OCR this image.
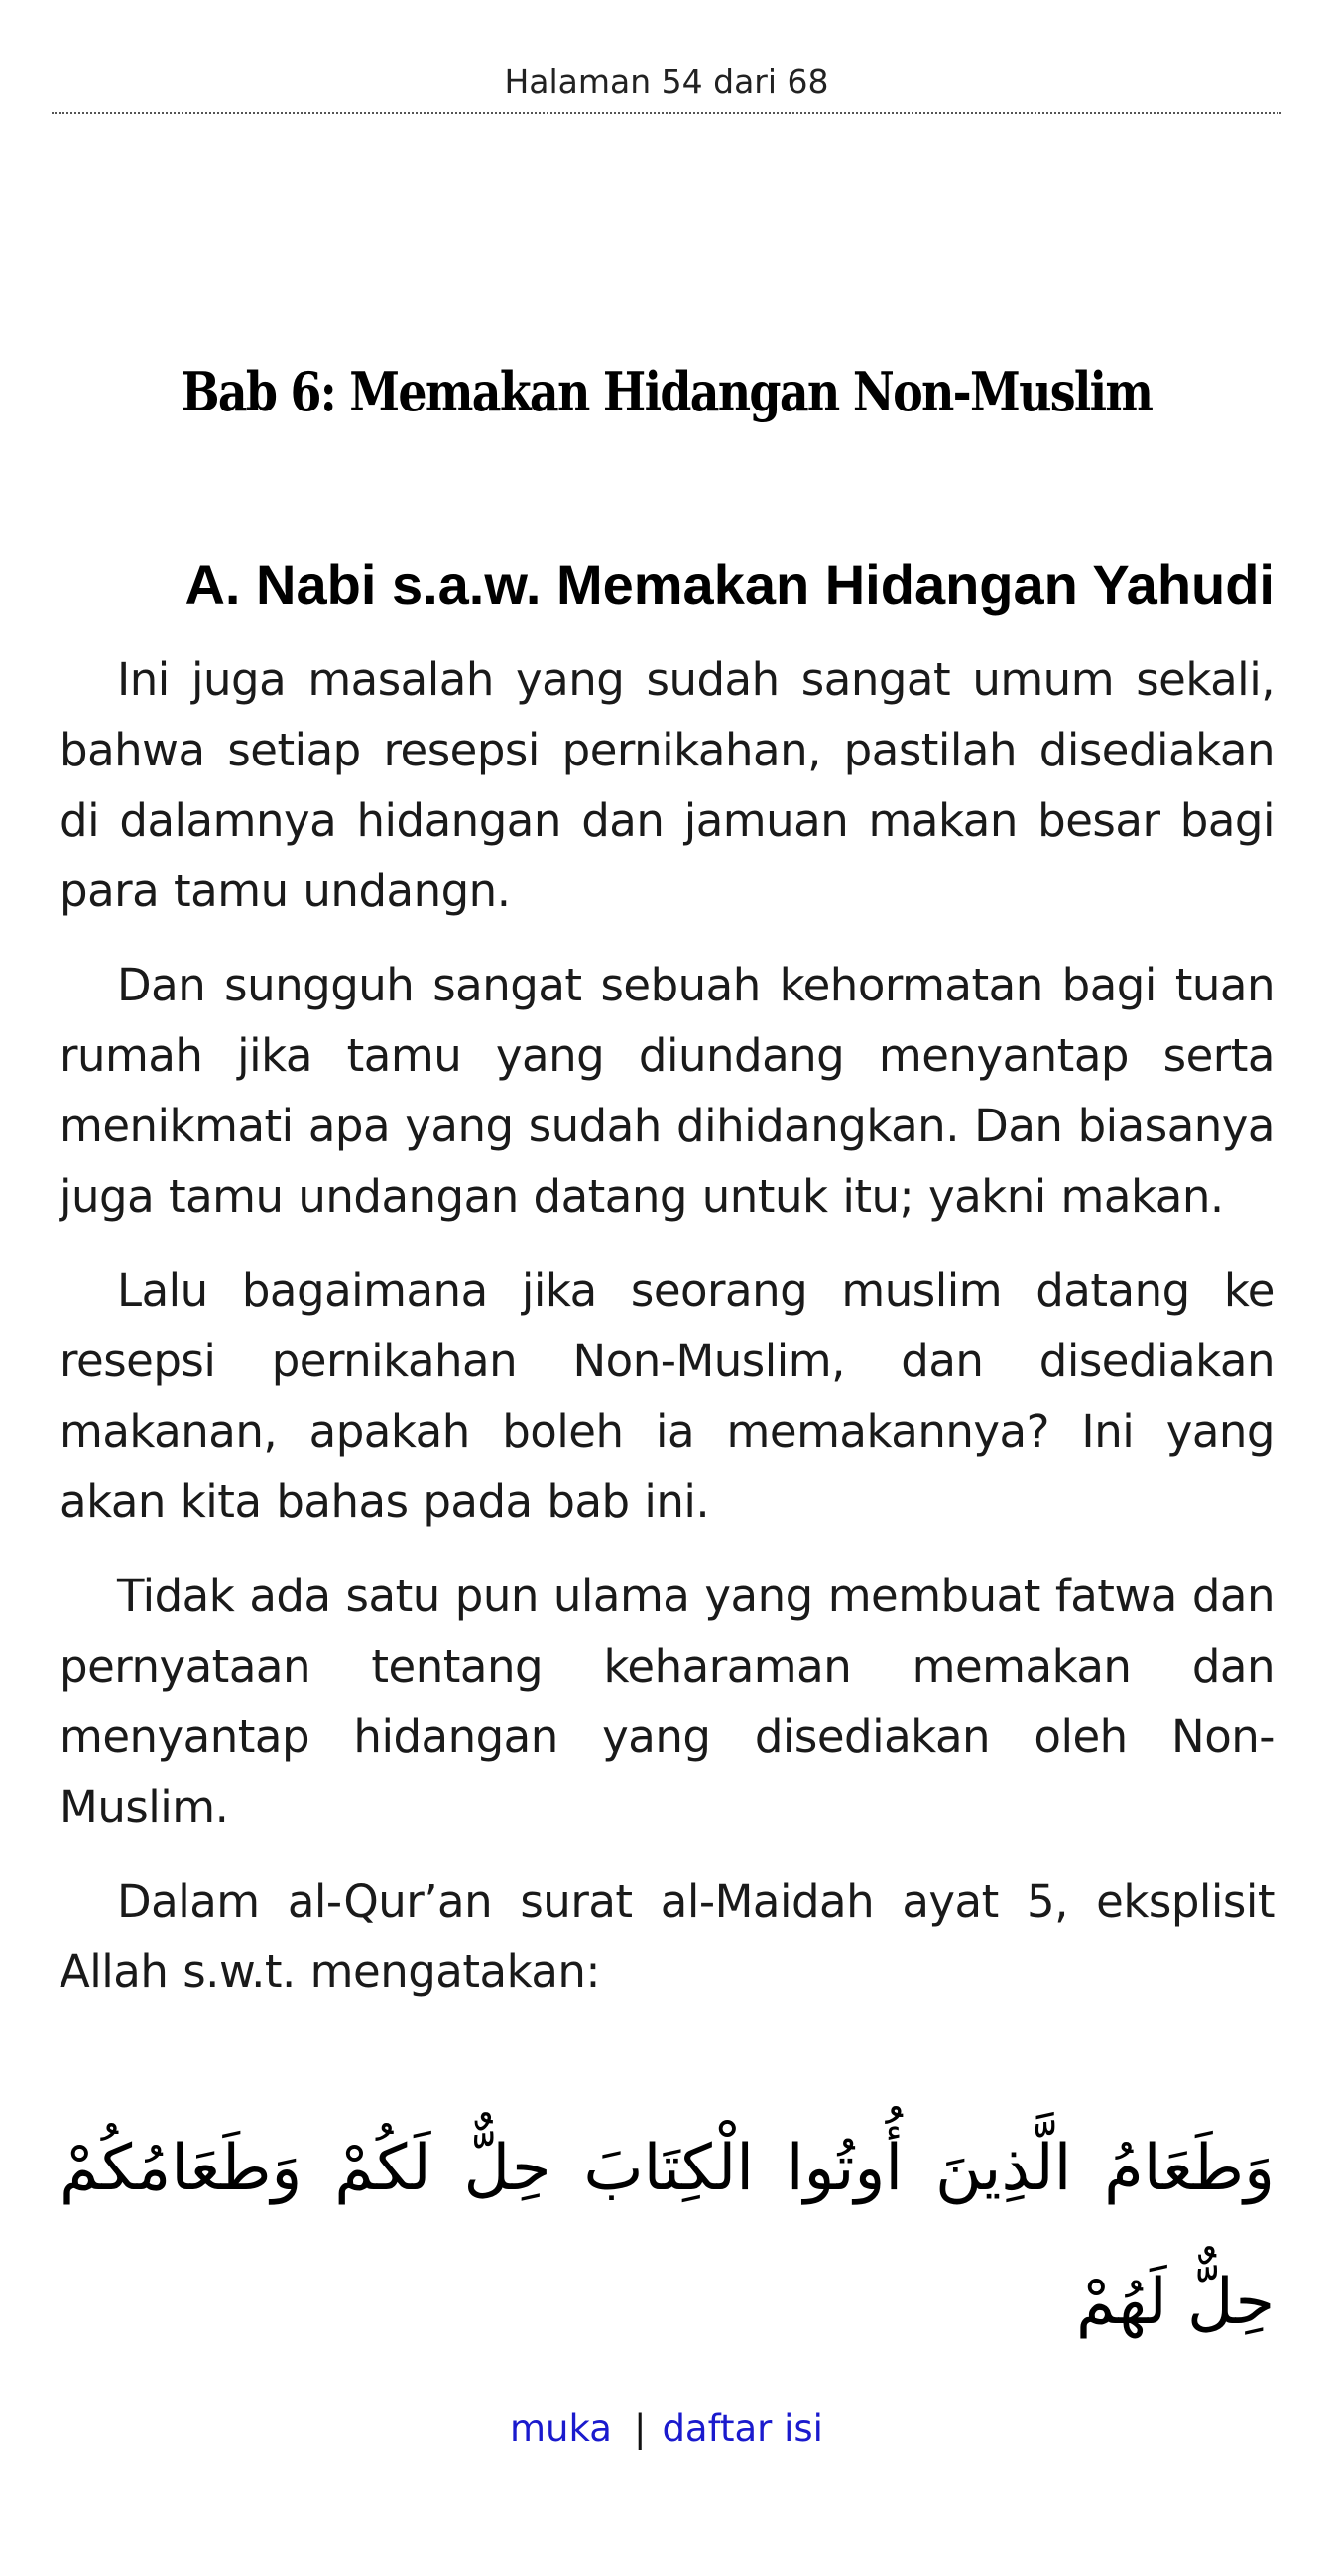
Halaman 54 dari 68
Bab 6: Memakan Hidangan Non-Muslim
A. Nabi s.a.w. Memakan Hidangan Yahudi

Ini juga masalah yang sudah sangat umum sekali, bahwa setiap resepsi pernikahan, pastilah disediakan di dalamnya hidangan dan jamuan makan besar bagi para tamu undangn.

Dan sungguh sangat sebuah kehormatan bagi tuan rumah jika tamu yang diundang menyantap serta menikmati apa yang sudah dihidangkan. Dan biasanya juga tamu undangan datang untuk itu; yakni makan.

Lalu bagaimana jika seorang muslim datang ke resepsi pernikahan Non-Muslim, dan disediakan makanan, apakah boleh ia memakannya? Ini yang akan kita bahas pada bab ini.

Tidak ada satu pun ulama yang membuat fatwa dan pernyataan tentang keharaman memakan dan menyantap hidangan yang disediakan oleh Non-Muslim.

Dalam al-Qur’an surat al-Maidah ayat 5, eksplisit Allah s.w.t. mengatakan:

وَطَعَامُ الَّذِينَ أُوتُوا الْكِتَابَ حِلٌّ لَكُمْ وَطَعَامُكُمْ حِلٌّ لَهُمْ
muka | daftar isi
